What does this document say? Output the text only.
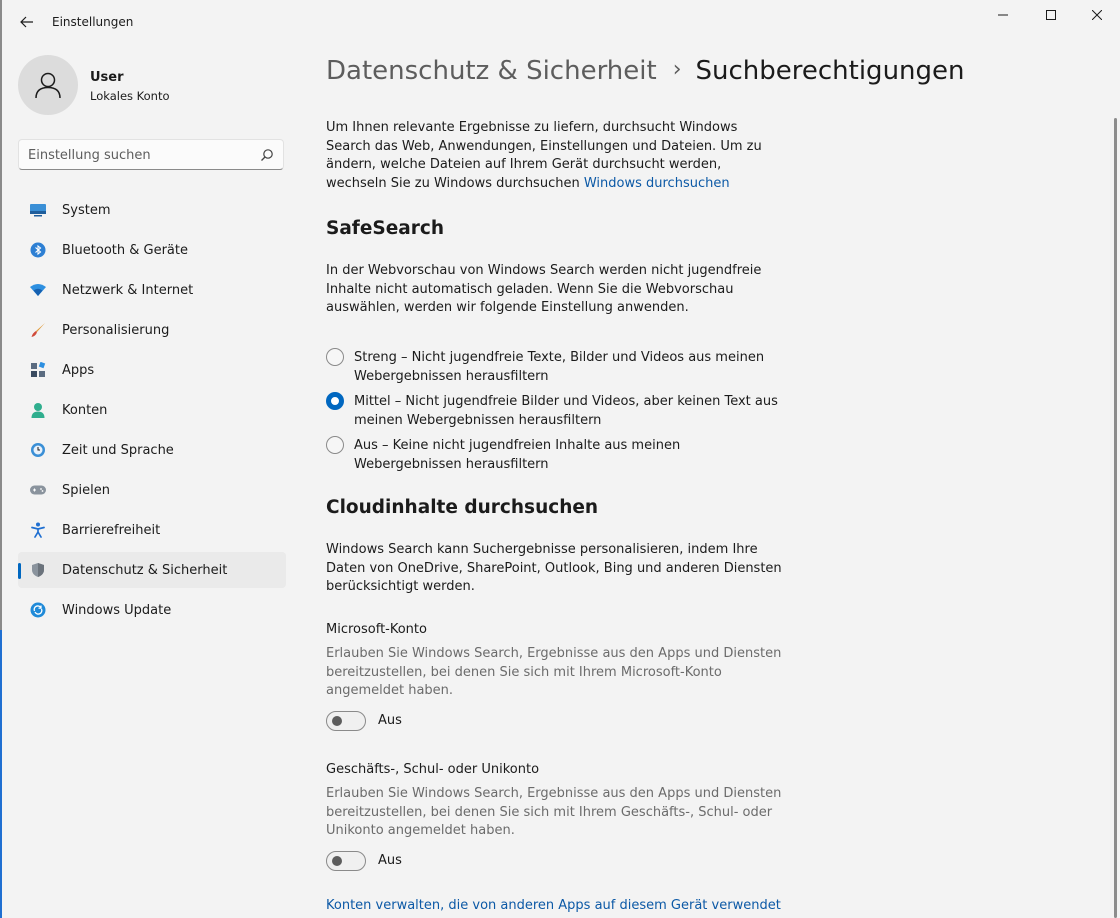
Einstellungen
User
Lokales Konto
Einstellung suchen
System
Bluetooth & Geräte
Netzwerk & Internet
Personalisierung
Apps
Konten
Zeit und Sprache
Spielen
Barrierefreiheit
Datenschutz & Sicherheit
Windows Update
Datenschutz & Sicherheit › Suchberechtigungen
Um Ihnen relevante Ergebnisse zu liefern, durchsucht Windows Search das Web, Anwendungen, Einstellungen und Dateien. Um zu ändern, welche Dateien auf Ihrem Gerät durchsucht werden, wechseln Sie zu Windows durchsuchen Windows durchsuchen
SafeSearch
In der Webvorschau von Windows Search werden nicht jugendfreie Inhalte nicht automatisch geladen. Wenn Sie die Webvorschau auswählen, werden wir folgende Einstellung anwenden.
Streng – Nicht jugendfreie Texte, Bilder und Videos aus meinen Webergebnissen herausfiltern
Mittel – Nicht jugendfreie Bilder und Videos, aber keinen Text aus meinen Webergebnissen herausfiltern
Aus – Keine nicht jugendfreien Inhalte aus meinen Webergebnissen herausfiltern
Cloudinhalte durchsuchen
Windows Search kann Suchergebnisse personalisieren, indem Ihre Daten von OneDrive, SharePoint, Outlook, Bing und anderen Diensten berücksichtigt werden.
Microsoft-Konto
Erlauben Sie Windows Search, Ergebnisse aus den Apps und Diensten bereitzustellen, bei denen Sie sich mit Ihrem Microsoft-Konto angemeldet haben.
Aus
Geschäfts-, Schul- oder Unikonto
Erlauben Sie Windows Search, Ergebnisse aus den Apps und Diensten bereitzustellen, bei denen Sie sich mit Ihrem Geschäfts-, Schul- oder Unikonto angemeldet haben.
Aus
Konten verwalten, die von anderen Apps auf diesem Gerät verwendet
